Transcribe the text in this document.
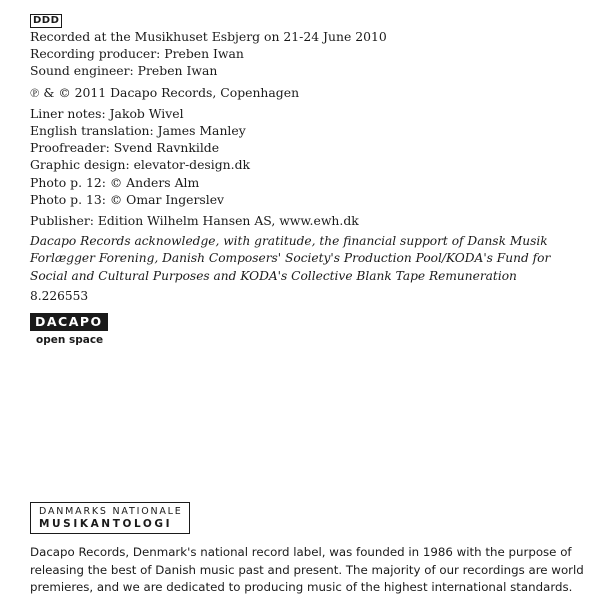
DDD
Recorded at the Musikhuset Esbjerg on 21-24 June 2010
Recording producer: Preben Iwan
Sound engineer: Preben Iwan
℗ & © 2011 Dacapo Records, Copenhagen
Liner notes: Jakob Wivel
English translation: James Manley
Proofreader: Svend Ravnkilde
Graphic design: elevator-design.dk
Photo p. 12: © Anders Alm
Photo p. 13: © Omar Ingerslev
Publisher: Edition Wilhelm Hansen AS, www.ewh.dk
Dacapo Records acknowledge, with gratitude, the financial support of Dansk Musik Forlægger Forening, Danish Composers' Society's Production Pool/KODA's Fund for Social and Cultural Purposes and KODA's Collective Blank Tape Remuneration
8.226553
DACAPO
open space
DANMARKS NATIONALE
MUSIKANTOLOGI
Dacapo Records, Denmark's national record label, was founded in 1986 with the purpose of releasing the best of Danish music past and present. The majority of our recordings are world premieres, and we are dedicated to producing music of the highest international standards.
